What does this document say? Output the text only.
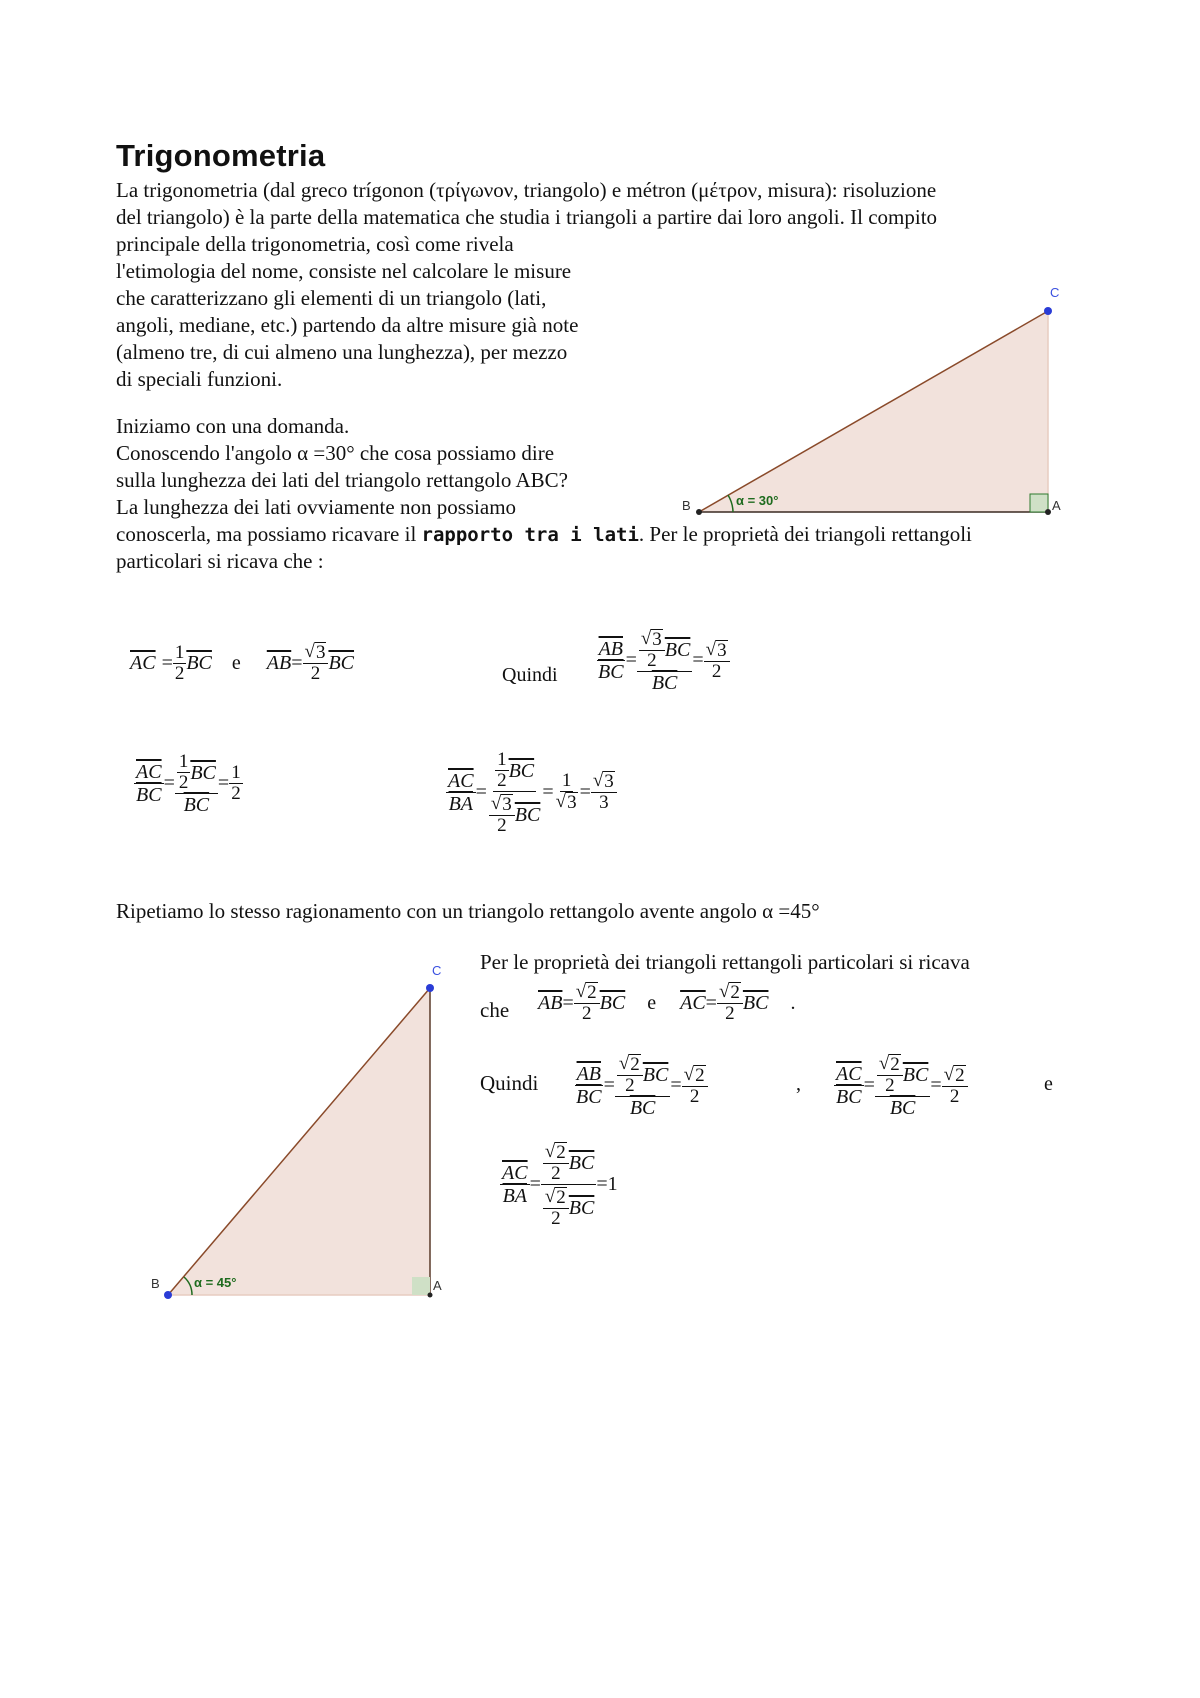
Trigonometria
La trigonometria (dal greco trígonon (τρίγωνον, triangolo) e métron (μέτρον, misura): risoluzione
del triangolo) è la parte della matematica che studia i triangoli a partire dai loro angoli. Il compito
principale della trigonometria, così come rivela
l'etimologia del nome, consiste nel calcolare le misure
che caratterizzano gli elementi di un triangolo (lati,
angoli, mediane, etc.) partendo da altre misure già note
(almeno tre, di cui almeno una lunghezza), per mezzo
di speciali funzioni.
Iniziamo con una domanda.
Conoscendo l'angolo α =30° che cosa possiamo dire
sulla lunghezza dei lati del triangolo rettangolo ABC?
La lunghezza dei lati ovviamente non possiamo
conoscerla, ma possiamo ricavare il rapporto tra i lati. Per le proprietà dei triangoli rettangoli
particolari si ricava che :
α = 30°
B	A
C
$\overline{AC} = \frac{1}{2} \overline{BC}$ e $\overline{AB} = \frac{√ 3}{2} \overline{BC}$
Quindi $\frac{\overline{AB}}{BC} = \frac{\frac{√ 3}{2} \overline{BC}}{BC} = \frac{√ 3}{2}$
$\frac{\overline{AC}}{BC} = \frac{\frac{1}{2} \overline{BC}}{BC} = \frac{1}{2}$	$\frac{\overline{AC}}{BA} = \frac{\frac{1}{2} \overline{BC}}{\frac{√ 3}{2} \overline{BC}} = \frac{1}{√ 3} = \frac{√ 3}{3}$
Ripetiamo lo stesso ragionamento con un triangolo rettangolo avente angolo α =45°
α = 45°
B	A
C Per le proprietà dei triangoli rettangoli particolari si ricava
che $\overline{AB} = \frac{√ 2}{2} \overline{BC}$ e $\overline{AC} = \frac{√ 2}{2} \overline{BC}$ .
Quindi $\frac{\overline{AB}}{BC} = \frac{\frac{√ 2}{2} \overline{BC}}{BC} = \frac{√ 2}{2}$	, $\frac{\overline{AC}}{BC} = \frac{\frac{√ 2}{2} \overline{BC}}{BC} = \frac{√ 2}{2}$	e
$\frac{\overline{AC}}{BA} = \frac{\frac{√ 2}{2} \overline{BC}}{\frac{√ 2}{2} \overline{BC}} = 1$
